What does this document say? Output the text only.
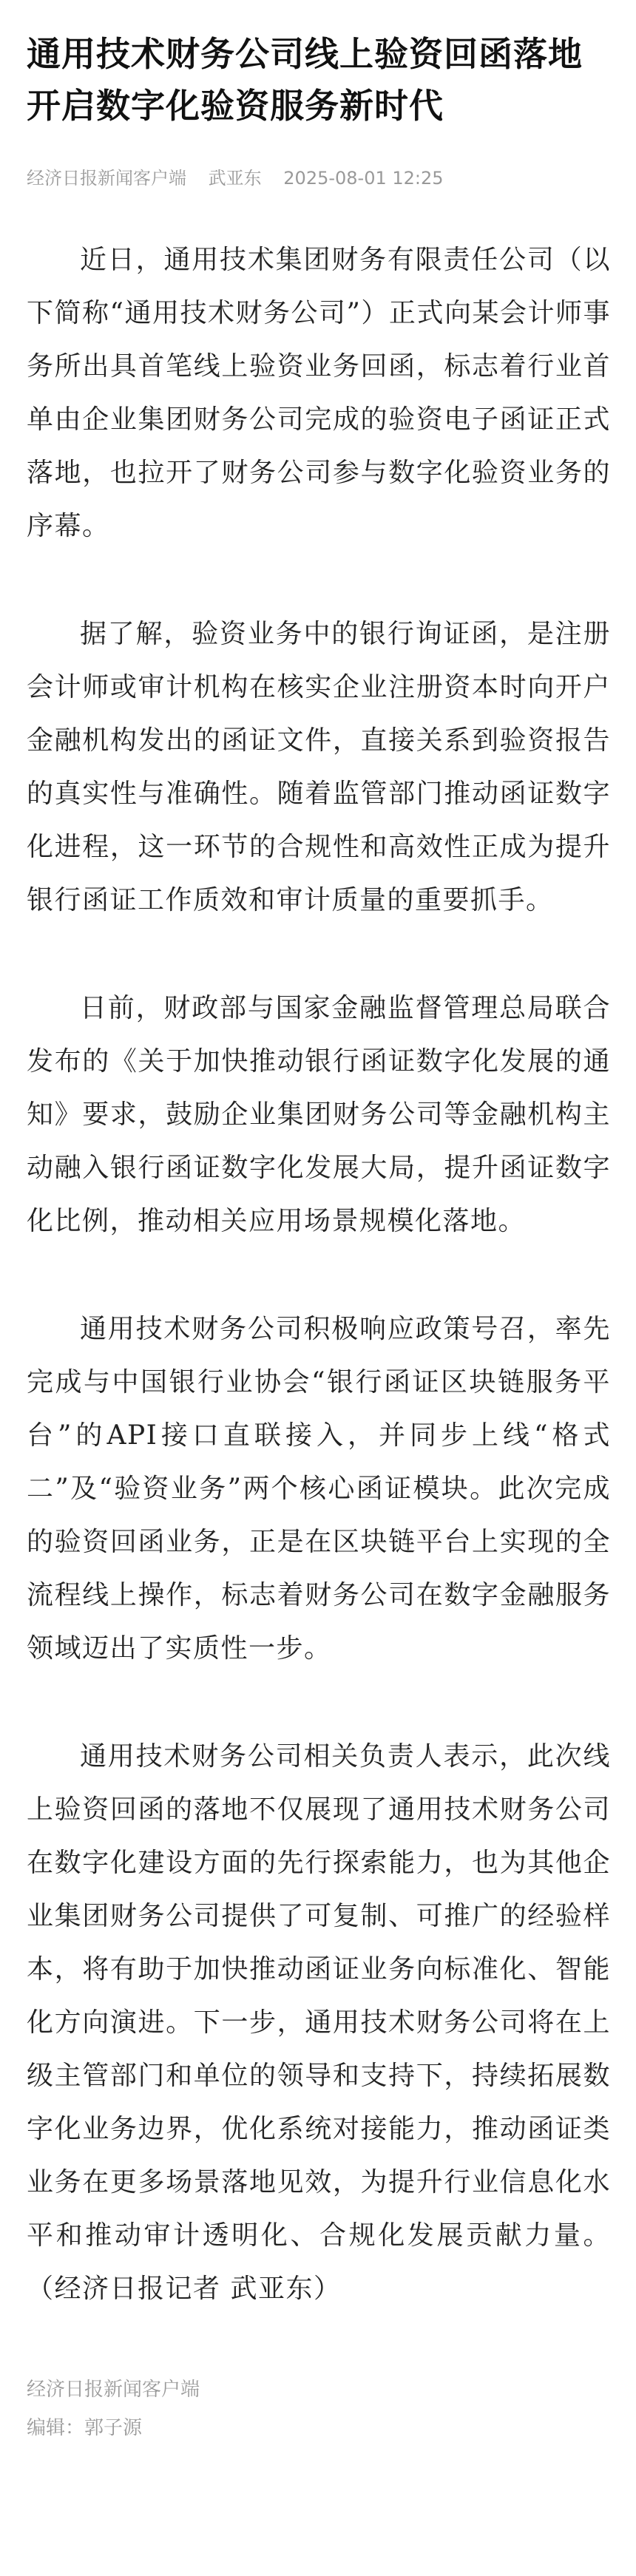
通用技术财务公司线上验资回函落地 开启数字化验资服务新时代
经济日报新闻客户端 武亚东 2025-08-01 12:25

近日，通用技术集团财务有限责任公司（以下简称“通用技术财务公司”）正式向某会计师事务所出具首笔线上验资业务回函，标志着行业首单由企业集团财务公司完成的验资电子函证正式落地，也拉开了财务公司参与数字化验资业务的序幕。

据了解，验资业务中的银行询证函，是注册会计师或审计机构在核实企业注册资本时向开户金融机构发出的函证文件，直接关系到验资报告的真实性与准确性。随着监管部门推动函证数字化进程，这一环节的合规性和高效性正成为提升银行函证工作质效和审计质量的重要抓手。

日前，财政部与国家金融监督管理总局联合发布的《关于加快推动银行函证数字化发展的通知》要求，鼓励企业集团财务公司等金融机构主动融入银行函证数字化发展大局，提升函证数字化比例，推动相关应用场景规模化落地。

通用技术财务公司积极响应政策号召，率先完成与中国银行业协会“银行函证区块链服务平台”的API接口直联接入，并同步上线“格式二”及“验资业务”两个核心函证模块。此次完成的验资回函业务，正是在区块链平台上实现的全流程线上操作，标志着财务公司在数字金融服务领域迈出了实质性一步。

通用技术财务公司相关负责人表示，此次线上验资回函的落地不仅展现了通用技术财务公司在数字化建设方面的先行探索能力，也为其他企业集团财务公司提供了可复制、可推广的经验样本，将有助于加快推动函证业务向标准化、智能化方向演进。下一步，通用技术财务公司将在上级主管部门和单位的领导和支持下，持续拓展数字化业务边界，优化系统对接能力，推动函证类业务在更多场景落地见效，为提升行业信息化水平和推动审计透明化、合规化发展贡献力量。（经济日报记者 武亚东）

经济日报新闻客户端
编辑：郭子源
